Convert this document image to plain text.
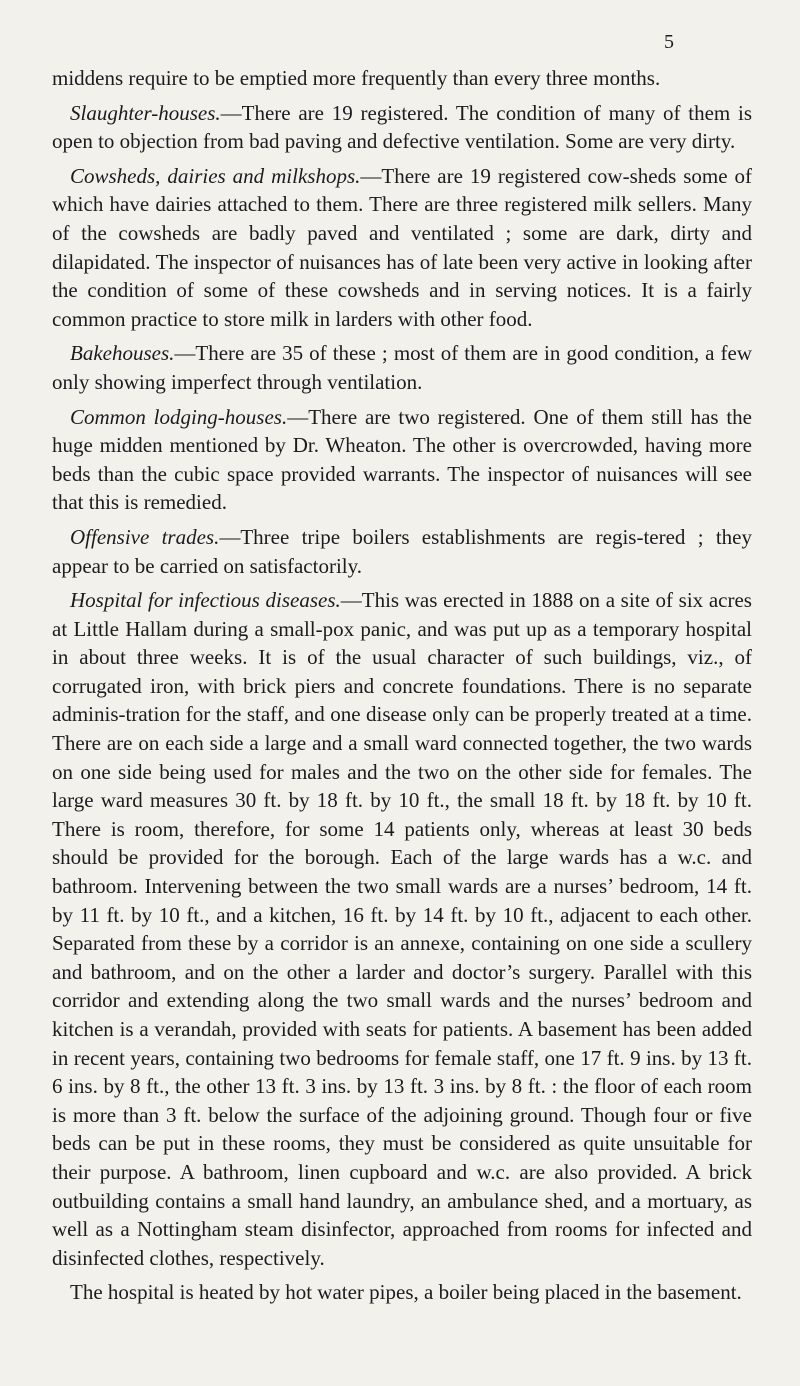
5

middens require to be emptied more frequently than every three months.

Slaughter-houses.—There are 19 registered. The condition of many of them is open to objection from bad paving and defective ventilation. Some are very dirty.

Cowsheds, dairies and milkshops.—There are 19 registered cow-sheds some of which have dairies attached to them. There are three registered milk sellers. Many of the cowsheds are badly paved and ventilated ; some are dark, dirty and dilapidated. The inspector of nuisances has of late been very active in looking after the condition of some of these cowsheds and in serving notices. It is a fairly common practice to store milk in larders with other food.

Bakehouses.—There are 35 of these ; most of them are in good condition, a few only showing imperfect through ventilation.

Common lodging-houses.—There are two registered. One of them still has the huge midden mentioned by Dr. Wheaton. The other is overcrowded, having more beds than the cubic space provided warrants. The inspector of nuisances will see that this is remedied.

Offensive trades.—Three tripe boilers establishments are regis-tered ; they appear to be carried on satisfactorily.

Hospital for infectious diseases.—This was erected in 1888 on a site of six acres at Little Hallam during a small-pox panic, and was put up as a temporary hospital in about three weeks. It is of the usual character of such buildings, viz., of corrugated iron, with brick piers and concrete foundations. There is no separate adminis-tration for the staff, and one disease only can be properly treated at a time. There are on each side a large and a small ward connected together, the two wards on one side being used for males and the two on the other side for females. The large ward measures 30 ft. by 18 ft. by 10 ft., the small 18 ft. by 18 ft. by 10 ft. There is room, therefore, for some 14 patients only, whereas at least 30 beds should be provided for the borough. Each of the large wards has a w.c. and bathroom. Intervening between the two small wards are a nurses’ bedroom, 14 ft. by 11 ft. by 10 ft., and a kitchen, 16 ft. by 14 ft. by 10 ft., adjacent to each other. Separated from these by a corridor is an annexe, containing on one side a scullery and bathroom, and on the other a larder and doctor’s surgery. Parallel with this corridor and extending along the two small wards and the nurses’ bedroom and kitchen is a verandah, provided with seats for patients. A basement has been added in recent years, containing two bedrooms for female staff, one 17 ft. 9 ins. by 13 ft. 6 ins. by 8 ft., the other 13 ft. 3 ins. by 13 ft. 3 ins. by 8 ft. : the floor of each room is more than 3 ft. below the surface of the adjoining ground. Though four or five beds can be put in these rooms, they must be considered as quite unsuitable for their purpose. A bathroom, linen cupboard and w.c. are also provided. A brick outbuilding contains a small hand laundry, an ambulance shed, and a mortuary, as well as a Nottingham steam disinfector, approached from rooms for infected and disinfected clothes, respectively.

The hospital is heated by hot water pipes, a boiler being placed in the basement.
